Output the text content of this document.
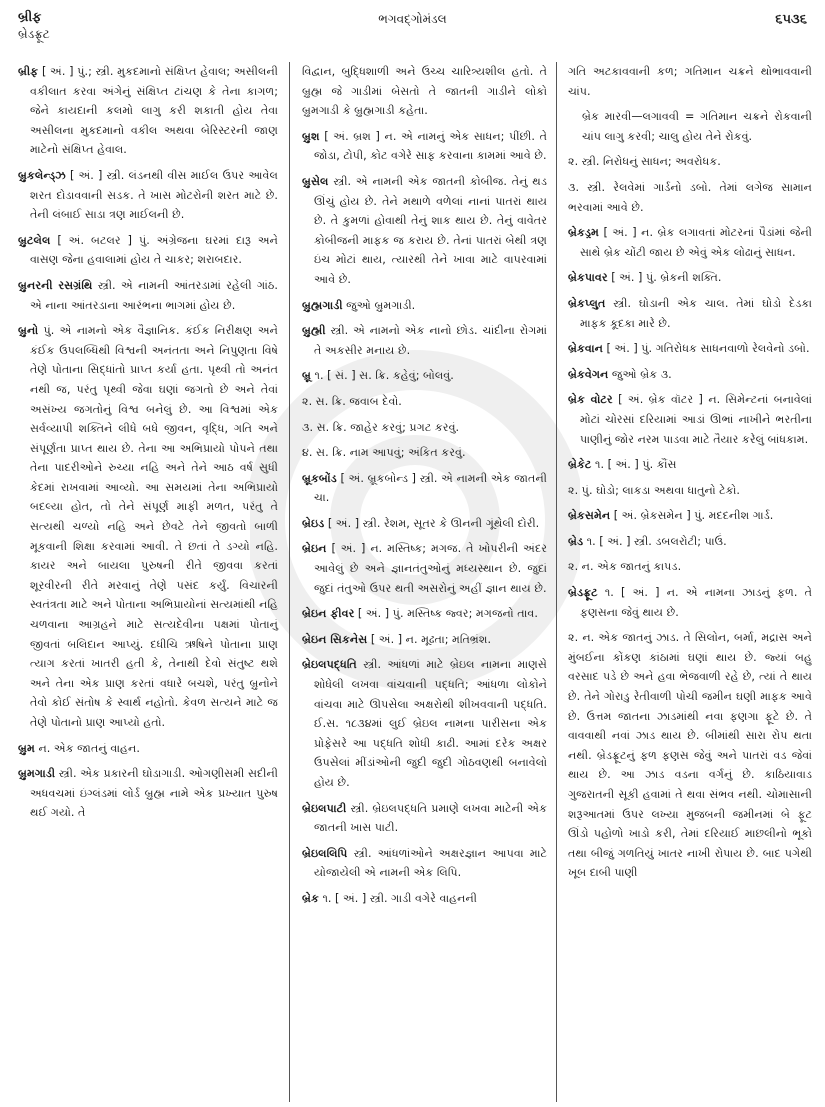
બ્રીફ
બ્રેડફ્રૂટ
ભગવદ્ગોમંડલ	૬૫૩૬

બ્રીફ [ અં. ] પું.; સ્ત્રી. મુકદમાનો સંક્ષિપ્ત હેવાલ; અસીલની વકીલાત કરવા અંગેનું સંક્ષિપ્ત ટાંચણ કે તેના કાગળ; જેને કાયદાની કલમો લાગુ કરી શકાતી હોય તેવા અસીલના મુકદમાનો વકીલ અથવા બેરિસ્ટરની જાણ માટેનો સંક્ષિપ્ત હેવાલ.

બ્રુકલેન્ડ્ઝ [ અં. ] સ્ત્રી. લંડનથી વીસ માઈલ ઉપર આવેલ શરત દોડાવવાની સડક. તે ખાસ મોટરોની શરત માટે છે. તેની લંબાઈ સાડા ત્રણ માઈલની છે.

બ્રુટલેલ [ અં. બટલર ] પું. અંગ્રેજના ઘરમાં દારૂ અને વાસણ જેના હવાલામાં હોય તે ચાકર; શરાબદાર.

બ્રુનરની રસગ્રંથિ સ્ત્રી. એ નામની આંતરડામાં રહેલી ગાંઠ. એ નાના આંતરડાના આરંભના ભાગમાં હોય છે.

બ્રુનો પું. એ નામનો એક વૈજ્ઞાનિક. કંઈક નિરીક્ષણ અને કંઈક ઉપલબ્ધિથી વિશ્વની અનંતતા અને નિપુણતા વિષે તેણે પોતાના સિદ્ધાંતો પ્રાપ્ત કર્યા હતા. પૃથ્વી તો અનંત નથી જ, પરંતુ પૃથ્વી જેવા ઘણાં જગતો છે અને તેવાં અસંખ્ય જગતોનું વિશ્વ બનેલું છે. આ વિશ્વમાં એક સર્વવ્યાપી શક્તિને લીધે બધે જીવન, વૃદ્ધિ, ગતિ અને સંપૂર્ણતા પ્રાપ્ત થાય છે. તેના આ અભિપ્રાયો પોપને તથા તેના પાદરીઓને રુચ્યા નહિ અને તેને આઠ વર્ષ સુધી કેદમાં રાખવામાં આવ્યો. આ સમયમાં તેના અભિપ્રાયો બદલ્યા હોત, તો તેને સંપૂર્ણ માફી મળત, પરંતુ તે સત્યથી ચળ્યો નહિ અને છેવટે તેને જીવતો બાળી મૂકવાની શિક્ષા કરવામાં આવી. તે છતાં તે ડગ્યો નહિ. કાયર અને બાયલા પુરુષની રીતે જીવવા કરતાં શૂરવીરની રીતે મરવાનું તેણે પસંદ કર્યું. વિચારની સ્વતંત્રતા માટે અને પોતાના અભિપ્રાયોનાં સત્યમાંથી નહિ ચળવાના આગ્રહને માટે સત્યદેવીના પક્ષમાં પોતાનું જીવતાં બલિદાન આપ્યું. દધીચિ ઋષિને પોતાના પ્રાણ ત્યાગ કરતાં ખાતરી હતી કે, તેનાથી દેવો સંતુષ્ટ થશે અને તેના એક પ્રાણ કરતાં વધારે બચશે, પરંતુ બ્રુનોને તેવો કોઈ સંતોષ કે સ્વાર્થ નહોતો. કેવળ સત્યને માટે જ તેણે પોતાનો પ્રાણ આપ્યો હતો.

બ્રુમ ન. એક જાતનું વાહન.

બ્રુમગાડી સ્ત્રી. એક પ્રકારની ઘોડાગાડી. ઓગણીસમી સદીની અધવચમાં ઇંગ્લંડમાં લોર્ડ બ્રુહ્મ નામે એક પ્રખ્યાત પુરુષ થઈ ગયો. તે

વિદ્વાન, બુદ્ધિશાળી અને ઉચ્ચ ચારિત્ર્યશીલ હતો. તે બ્રુહ્મ જે ગાડીમાં બેસતો તે જાતની ગાડીને લોકો બ્રુમગાડી કે બ્રુહ્મગાડી કહેતા.

બ્રુશ [ અં. બ્રશ ] ન. એ નામનું એક સાધન; પીંછી. તે જોડા, ટોપી, કોટ વગેરે સાફ કરવાના કામમાં આવે છે.

બ્રુસેલ સ્ત્રી. એ નામની એક જાતની કોબીજ. તેનું થડ ઊંચું હોય છે. તેને મથાળે વળેલાં નાનાં પાતરાં થાય છે. તે કુમળાં હોવાથી તેનું શાક થાય છે. તેનું વાવેતર કોબીજની માફક જ કરાય છે. તેનાં પાતરાં બેથી ત્રણ ઇંચ મોટાં થાય, ત્યારથી તેને ખાવા માટે વાપરવામાં આવે છે.

બ્રુહ્મગાડી જુઓ બ્રુમગાડી.

બ્રુહ્મી સ્ત્રી. એ નામનો એક નાનો છોડ. ચાંદીના રોગમાં તે અકસીર મનાય છે.

બ્રૂ ૧. [ સં. ] સ. ક્રિ. કહેવું; બોલવું.

૨. સ. ક્રિ. જવાબ દેવો.

૩. સ. ક્રિ. જાહેર કરવું; પ્રગટ કરવું.

૪. સ. ક્રિ. નામ આપવું; અંકિત કરવું.

બ્રૂકબોંડ [ અં. બ્રૂકબોન્ડ ] સ્ત્રી. એ નામની એક જાતની ચા.

બ્રેઇડ [ અં. ] સ્ત્રી. રેશમ, સૂતર કે ઊનની ગૂંથેલી દોરી.

બ્રેઇન [ અં. ] ન. મસ્તિષ્ક; મગજ. તે ખોપરીની અંદર આવેલું છે અને જ્ઞાનતંતુઓનું મધ્યસ્થાન છે. જુદાં જુદાં તંતુઓ ઉપર થતી અસરોનું અહીં જ્ઞાન થાય છે.

બ્રેઇન ફીવર [ અં. ] પું. મસ્તિષ્ક જ્વર; મગજનો તાવ.

બ્રેઇન સિકનેસ [ અં. ] ન. મૂઢતા; મતિભ્રંશ.

બ્રેઇલપદ્ધતિ સ્ત્રી. આંધળાં માટે બ્રેઇલ નામના માણસે શોધેલી લખવા વાંચવાની પદ્ધતિ; આંધળા લોકોને વાંચવા માટે ઊપસેલા અક્ષરોથી શીખવવાની પદ્ધતિ. ઈ.સ. ૧૮૩૪માં લુઈ બ્રેઇલ નામના પારીસના એક પ્રોફેસરે આ પદ્ધતિ શોધી કાઢી. આમાં દરેક અક્ષર ઉપસેલાં મીંડાંઓની જુદી જુદી ગોઠવણથી બનાવેલો હોય છે.

બ્રેઇલપાટી સ્ત્રી. બ્રેઇલપદ્ધતિ પ્રમાણે લખવા માટેની એક જાતની ખાસ પાટી.

બ્રેઇલલિપિ સ્ત્રી. આંધળાંઓને અક્ષરજ્ઞાન આપવા માટે યોજાયેલી એ નામની એક લિપિ.

બ્રેક ૧. [ અં. ] સ્ત્રી. ગાડી વગેરે વાહનની

ગતિ અટકાવવાની કળ; ગતિમાન ચક્રને થોભાવવાની ચાંપ.

બ્રેક મારવી—લગાવવી = ગતિમાન ચક્રને રોકવાની ચાંપ લાગુ કરવી; ચાલુ હોય તેને રોકવું.

૨. સ્ત્રી. નિરોધનું સાધન; અવરોધક.

૩. સ્ત્રી. રેલવેમાં ગાર્ડનો ડબો. તેમાં લગેજ સામાન ભરવામાં આવે છે.

બ્રેકડ્રમ [ અં. ] ન. બ્રેક લગાવતાં મોટરનાં પૈડાંમાં જેની સાથે બ્રેક ચોંટી જાય છે એવું એક લોઢાનું સાધન.

બ્રેકપાવર [ અં. ] પું. બ્રેકની શક્તિ.

બ્રેકપ્લુત સ્ત્રી. ઘોડાની એક ચાલ. તેમાં ઘોડો દેડકા માફક કૂદકા મારે છે.

બ્રેકવાન [ અં. ] પું. ગતિરોધક સાધનવાળો રેલવેનો ડબો.

બ્રેકવેગન જુઓ બ્રેક ૩.

બ્રેક વોટર [ અં. બ્રેક વૉટર ] ન. સિમેન્ટનાં બનાવેલાં મોટાં ચોરસાં દરિયામાં આડાં ઊભાં નાખીને ભરતીના પાણીનું જોર નરમ પાડવા માટે તૈયાર કરેલું બાંધકામ.

બ્રેકેટ ૧. [ અં. ] પું. કૌંસ

૨. પું. ઘોડો; લાકડા અથવા ધાતુનો ટેકો.

બ્રેકસમેન [ અં. બ્રેકસમેન ] પું. મદદનીશ ગાર્ડ.

બ્રેડ ૧. [ અં. ] સ્ત્રી. ડબલરોટી; પાઉં.

૨. ન. એક જાતનું કાપડ.

બ્રેડફ્રૂટ ૧. [ અં. ] ન. એ નામના ઝાડનું ફળ. તે ફણસના જેવું થાય છે.

૨. ન. એક જાતનું ઝાડ. તે સિલોન, બર્મા, મદ્રાસ અને મુંબઈના કોંકણ કાંઠામાં ઘણાં થાય છે. જ્યાં બહુ વરસાદ પડે છે અને હવા ભેજવાળી રહે છે, ત્યાં તે થાય છે. તેને ગોરાડુ રેતીવાળી પોચી જમીન ઘણી માફક આવે છે. ઉત્તમ જાતના ઝાડમાંથી નવા ફણગા ફૂટે છે. તે વાવવાથી નવાં ઝાડ થાય છે. બીમાંથી સારા રોપ થતા નથી. બ્રેડફ્રૂટનું ફળ ફણસ જેવું અને પાતરાં વડ જેવાં થાય છે. આ ઝાડ વડના વર્ગનું છે. કાઠિયાવાડ ગુજરાતની સૂકી હવામાં તે થવા સંભવ નથી. ચોમાસાની શરૂઆતમાં ઉપર લખ્યા મુજબની જમીનમાં બે ફૂટ ઊંડો પહોળો ખાડો કરી, તેમાં દરિયાઈ માછલીનો ભૂકો તથા બીજું ગળતિયું ખાતર નાખી રોપાય છે. બાદ પગેથી ખૂબ દાબી પાણી
